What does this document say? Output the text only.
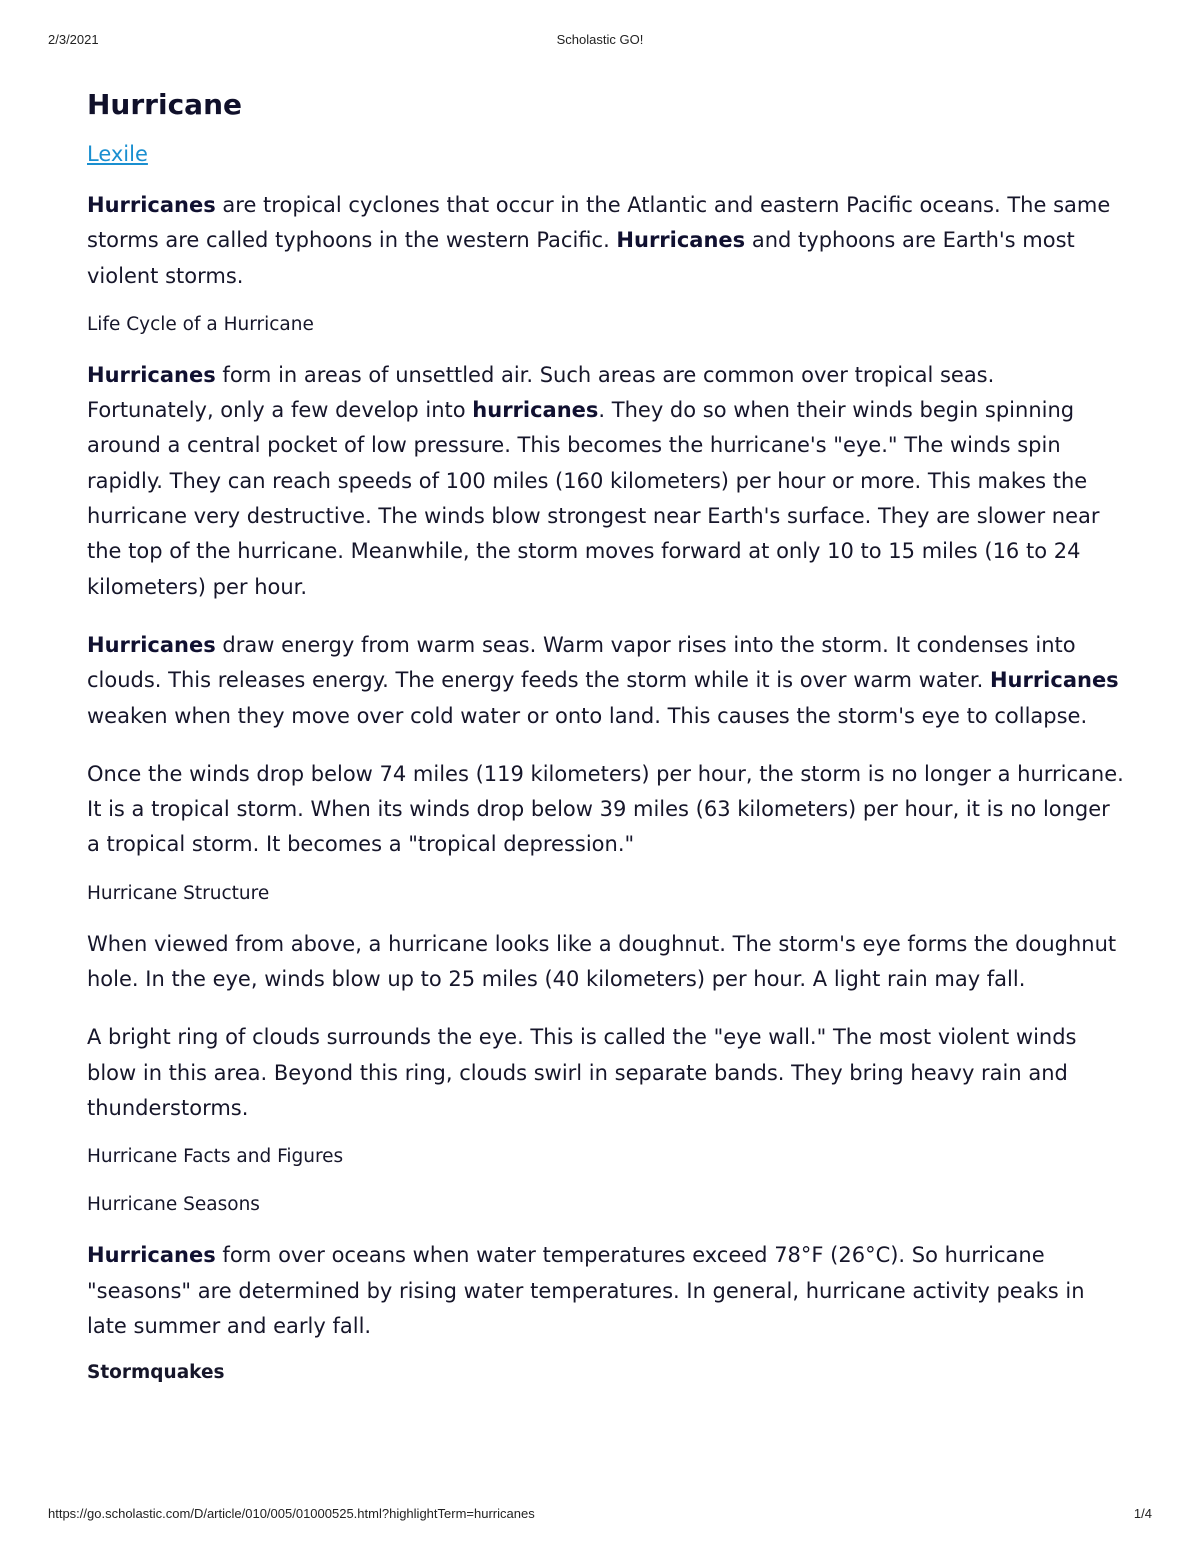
2/3/2021	Scholastic GO!
Hurricane
Lexile

Hurricanes are tropical cyclones that occur in the Atlantic and eastern Pacific oceans. The same storms are called typhoons in the western Pacific. Hurricanes and typhoons are Earth's most violent storms.

Life Cycle of a Hurricane

Hurricanes form in areas of unsettled air. Such areas are common over tropical seas. Fortunately, only a few develop into hurricanes. They do so when their winds begin spinning around a central pocket of low pressure. This becomes the hurricane's "eye." The winds spin rapidly. They can reach speeds of 100 miles (160 kilometers) per hour or more. This makes the hurricane very destructive. The winds blow strongest near Earth's surface. They are slower near the top of the hurricane. Meanwhile, the storm moves forward at only 10 to 15 miles (16 to 24 kilometers) per hour.

Hurricanes draw energy from warm seas. Warm vapor rises into the storm. It condenses into clouds. This releases energy. The energy feeds the storm while it is over warm water. Hurricanes weaken when they move over cold water or onto land. This causes the storm's eye to collapse.

Once the winds drop below 74 miles (119 kilometers) per hour, the storm is no longer a hurricane. It is a tropical storm. When its winds drop below 39 miles (63 kilometers) per hour, it is no longer a tropical storm. It becomes a "tropical depression."

Hurricane Structure

When viewed from above, a hurricane looks like a doughnut. The storm's eye forms the doughnut hole. In the eye, winds blow up to 25 miles (40 kilometers) per hour. A light rain may fall.

A bright ring of clouds surrounds the eye. This is called the "eye wall." The most violent winds blow in this area. Beyond this ring, clouds swirl in separate bands. They bring heavy rain and thunderstorms.

Hurricane Facts and Figures

Hurricane Seasons

Hurricanes form over oceans when water temperatures exceed 78°F (26°C). So hurricane "seasons" are determined by rising water temperatures. In general, hurricane activity peaks in late summer and early fall.

Stormquakes

https://go.scholastic.com/D/article/010/005/01000525.html?highlightTerm=hurricanes	1/4
